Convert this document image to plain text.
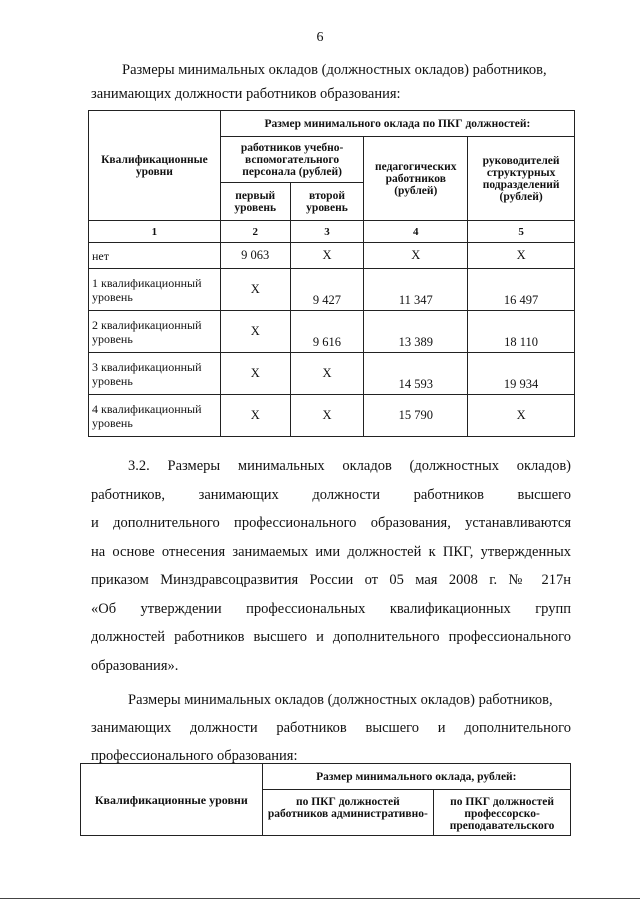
6
Размеры минимальных окладов (должностных окладов) работников,
занимающих должности работников образования:
Квалификационные уровни	Размер минимального оклада по ПКГ должностей:			
	работников учебно-вспомогательного персонала (рублей)		педагогических работников (рублей)	руководителей структурных подразделений (рублей)
	первый уровень	второй уровень		
1	2	3	4	5
нет	9 063	X	X	X
1 квалификационный уровень	X	9 427	11 347	16 497
2 квалификационный уровень	X	9 616	13 389	18 110
3 квалификационный уровень	X	X	14 593	19 934
4 квалификационный уровень	X	X	15 790	X
3.2. Размеры минимальных окладов (должностных окладов)
работников, занимающих должности работников высшего
и дополнительного профессионального образования, устанавливаются
на основе отнесения занимаемых ими должностей к ПКГ, утвержденных
приказом Минздравсоцразвития России от 05 мая 2008 г. № 217н
«Об утверждении профессиональных квалификационных групп
должностей работников высшего и дополнительного профессионального
образования».
Размеры минимальных окладов (должностных окладов) работников,
занимающих должности работников высшего и дополнительного
профессионального образования:
Квалификационные уровни	Размер минимального оклада, рублей:	
	по ПКГ должностей работников административно-	по ПКГ должностей профессорско-преподавательского
